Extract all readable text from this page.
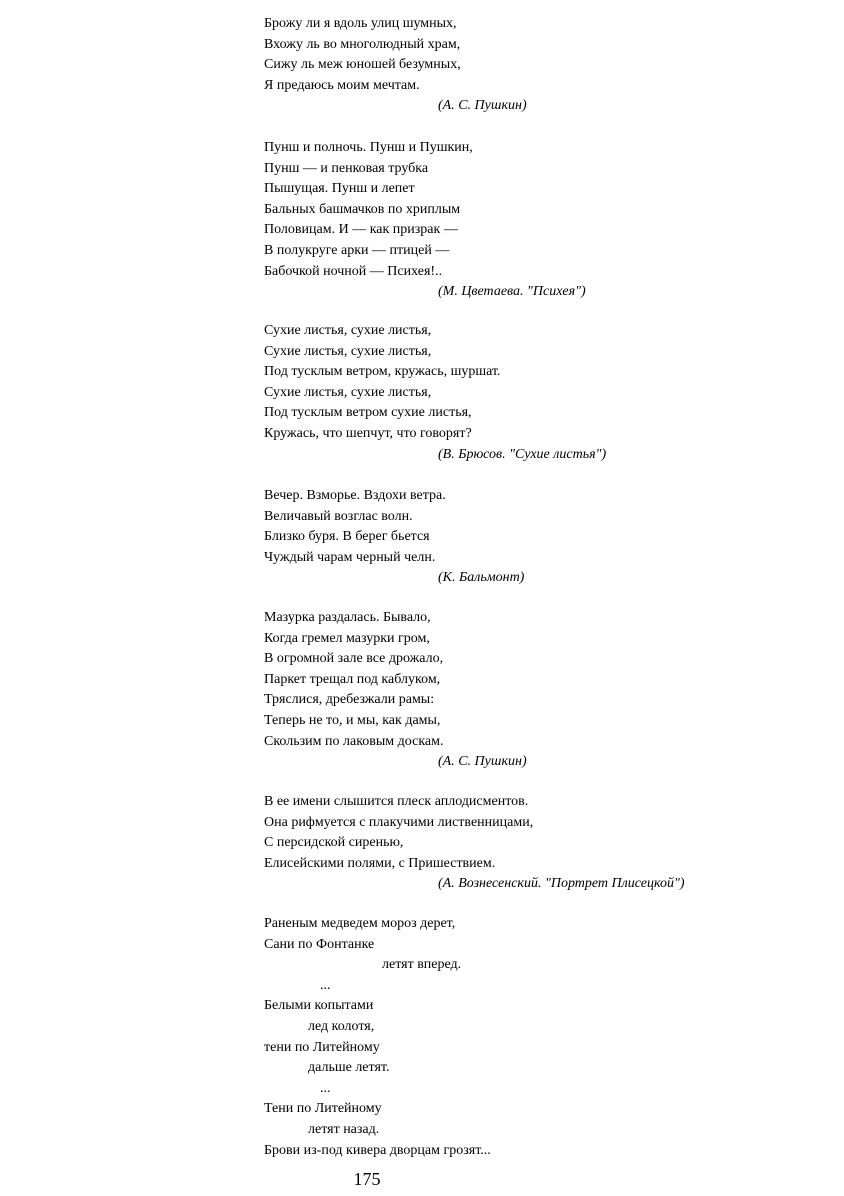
Брожу ли я вдоль улиц шумных,
Вхожу ль во многолюдный храм,
Сижу ль меж юношей безумных,
Я предаюсь моим мечтам.
(А. С. Пушкин)
Пунш и полночь. Пунш и Пушкин,
Пунш — и пенковая трубка
Пышущая. Пунш и лепет
Бальных башмачков по хриплым
Половицам. И — как призрак —
В полукруге арки — птицей —
Бабочкой ночной — Психея!..
(М. Цветаева. "Психея")
Сухие листья, сухие листья,
Сухие листья, сухие листья,
Под тусклым ветром, кружась, шуршат.
Сухие листья, сухие листья,
Под тусклым ветром сухие листья,
Кружась, что шепчут, что говорят?
(В. Брюсов. "Сухие листья")
Вечер. Взморье. Вздохи ветра.
Величавый возглас волн.
Близко буря. В берег бьется
Чуждый чарам черный челн.
(К. Бальмонт)
Мазурка раздалась. Бывало,
Когда гремел мазурки гром,
В огромной зале все дрожало,
Паркет трещал под каблуком,
Тряслися, дребезжали рамы:
Теперь не то, и мы, как дамы,
Скользим по лаковым доскам.
(А. С. Пушкин)
В ее имени слышится плеск аплодисментов.
Она рифмуется с плакучими лиственницами,
С персидской сиренью,
Елисейскими полями, с Пришествием.
(А. Вознесенский. "Портрет Плисецкой")
Раненым медведем мороз дерет,
Сани по Фонтанке
летят вперед.
...
Белыми копытами
лед колотя,
тени по Литейному
дальше летят.
...
Тени по Литейному
летят назад.
Брови из-под кивера дворцам грозят...
175
